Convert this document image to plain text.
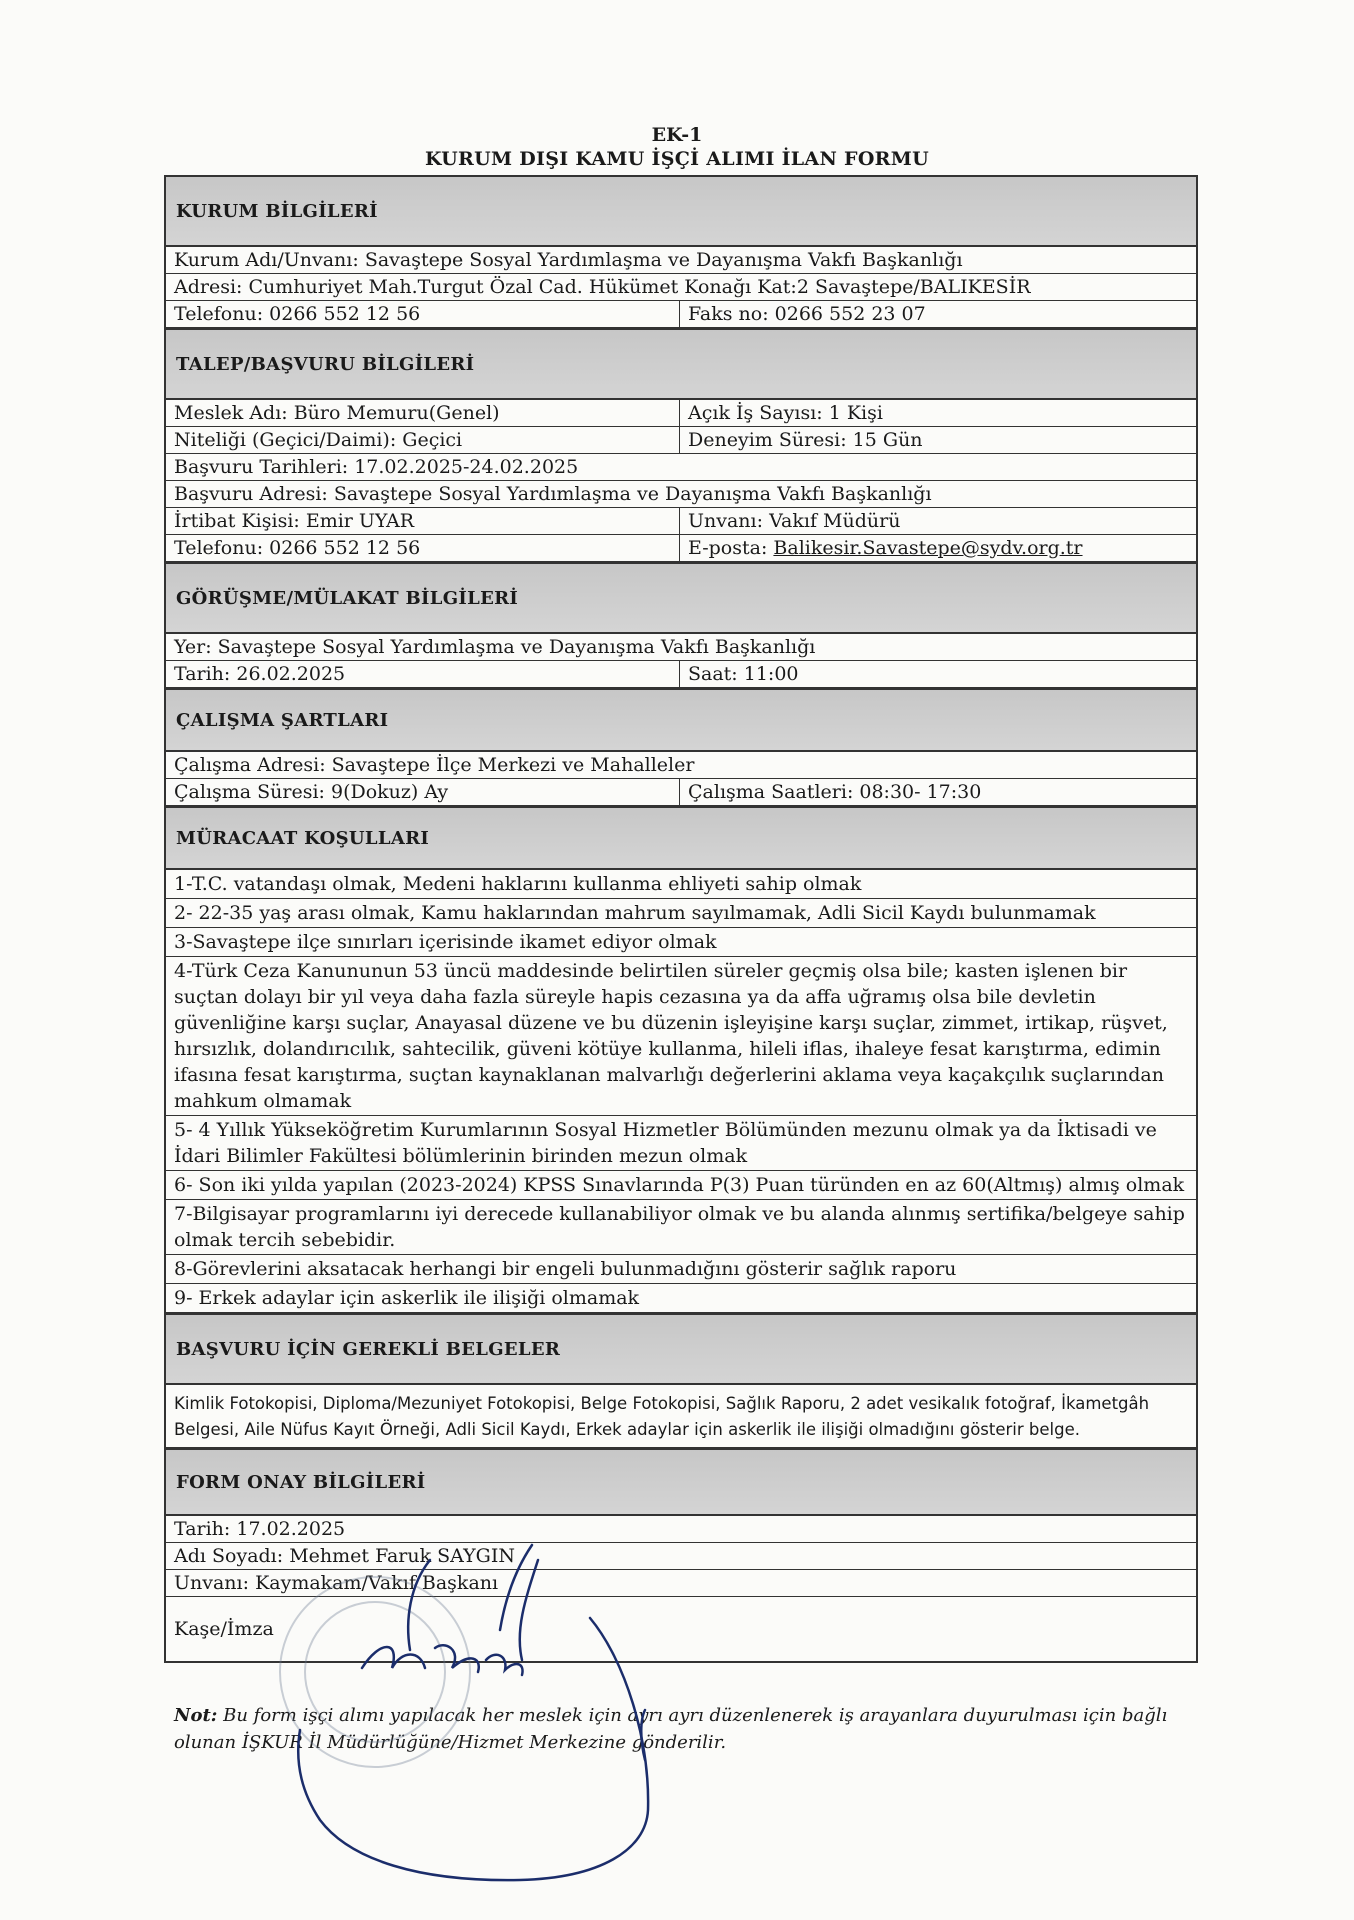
EK-1
KURUM DIŞI KAMU İŞÇİ ALIMI İLAN FORMU
KURUM BİLGİLERİ
Kurum Adı/Unvanı: Savaştepe Sosyal Yardımlaşma ve Dayanışma Vakfı Başkanlığı
Adresi: Cumhuriyet Mah.Turgut Özal Cad. Hükümet Konağı Kat:2 Savaştepe/BALIKESİR
Telefonu: 0266 552 12 56	Faks no: 0266 552 23 07
TALEP/BAŞVURU BİLGİLERİ
Meslek Adı: Büro Memuru(Genel)	Açık İş Sayısı: 1 Kişi
Niteliği (Geçici/Daimi): Geçici	Deneyim Süresi: 15 Gün
Başvuru Tarihleri: 17.02.2025-24.02.2025
Başvuru Adresi: Savaştepe Sosyal Yardımlaşma ve Dayanışma Vakfı Başkanlığı
İrtibat Kişisi: Emir UYAR	Unvanı: Vakıf Müdürü
Telefonu: 0266 552 12 56	E-posta: Balikesir.Savastepe@sydv.org.tr
GÖRÜŞME/MÜLAKAT BİLGİLERİ
Yer: Savaştepe Sosyal Yardımlaşma ve Dayanışma Vakfı Başkanlığı
Tarih: 26.02.2025	Saat: 11:00
ÇALIŞMA ŞARTLARI
Çalışma Adresi: Savaştepe İlçe Merkezi ve Mahalleler
Çalışma Süresi: 9(Dokuz) Ay	Çalışma Saatleri: 08:30- 17:30
MÜRACAAT KOŞULLARI
1-T.C. vatandaşı olmak, Medeni haklarını kullanma ehliyeti sahip olmak
2- 22-35 yaş arası olmak, Kamu haklarından mahrum sayılmamak, Adli Sicil Kaydı bulunmamak
3-Savaştepe ilçe sınırları içerisinde ikamet ediyor olmak
4-Türk Ceza Kanununun 53 üncü maddesinde belirtilen süreler geçmiş olsa bile; kasten işlenen bir suçtan dolayı bir yıl veya daha fazla süreyle hapis cezasına ya da affa uğramış olsa bile devletin güvenliğine karşı suçlar, Anayasal düzene ve bu düzenin işleyişine karşı suçlar, zimmet, irtikap, rüşvet, hırsızlık, dolandırıcılık, sahtecilik, güveni kötüye kullanma, hileli iflas, ihaleye fesat karıştırma, edimin ifasına fesat karıştırma, suçtan kaynaklanan malvarlığı değerlerini aklama veya kaçakçılık suçlarından mahkum olmamak
5- 4 Yıllık Yükseköğretim Kurumlarının Sosyal Hizmetler Bölümünden mezunu olmak ya da İktisadi ve İdari Bilimler Fakültesi bölümlerinin birinden mezun olmak
6- Son iki yılda yapılan (2023-2024) KPSS Sınavlarında P(3) Puan türünden en az 60(Altmış) almış olmak
7-Bilgisayar programlarını iyi derecede kullanabiliyor olmak ve bu alanda alınmış sertifika/belgeye sahip olmak tercih sebebidir.
8-Görevlerini aksatacak herhangi bir engeli bulunmadığını gösterir sağlık raporu
9- Erkek adaylar için askerlik ile ilişiği olmamak
BAŞVURU İÇİN GEREKLİ BELGELER
Kimlik Fotokopisi, Diploma/Mezuniyet Fotokopisi, Belge Fotokopisi, Sağlık Raporu, 2 adet vesikalık fotoğraf, İkametgâh Belgesi, Aile Nüfus Kayıt Örneği, Adli Sicil Kaydı, Erkek adaylar için askerlik ile ilişiği olmadığını gösterir belge.
FORM ONAY BİLGİLERİ
Tarih: 17.02.2025
Adı Soyadı: Mehmet Faruk SAYGIN
Unvanı: Kaymakam/Vakıf Başkanı
Kaşe/İmza
Not: Bu form işçi alımı yapılacak her meslek için ayrı ayrı düzenlenerek iş arayanlara duyurulması için bağlı olunan İŞKUR İl Müdürlüğüne/Hizmet Merkezine gönderilir.
